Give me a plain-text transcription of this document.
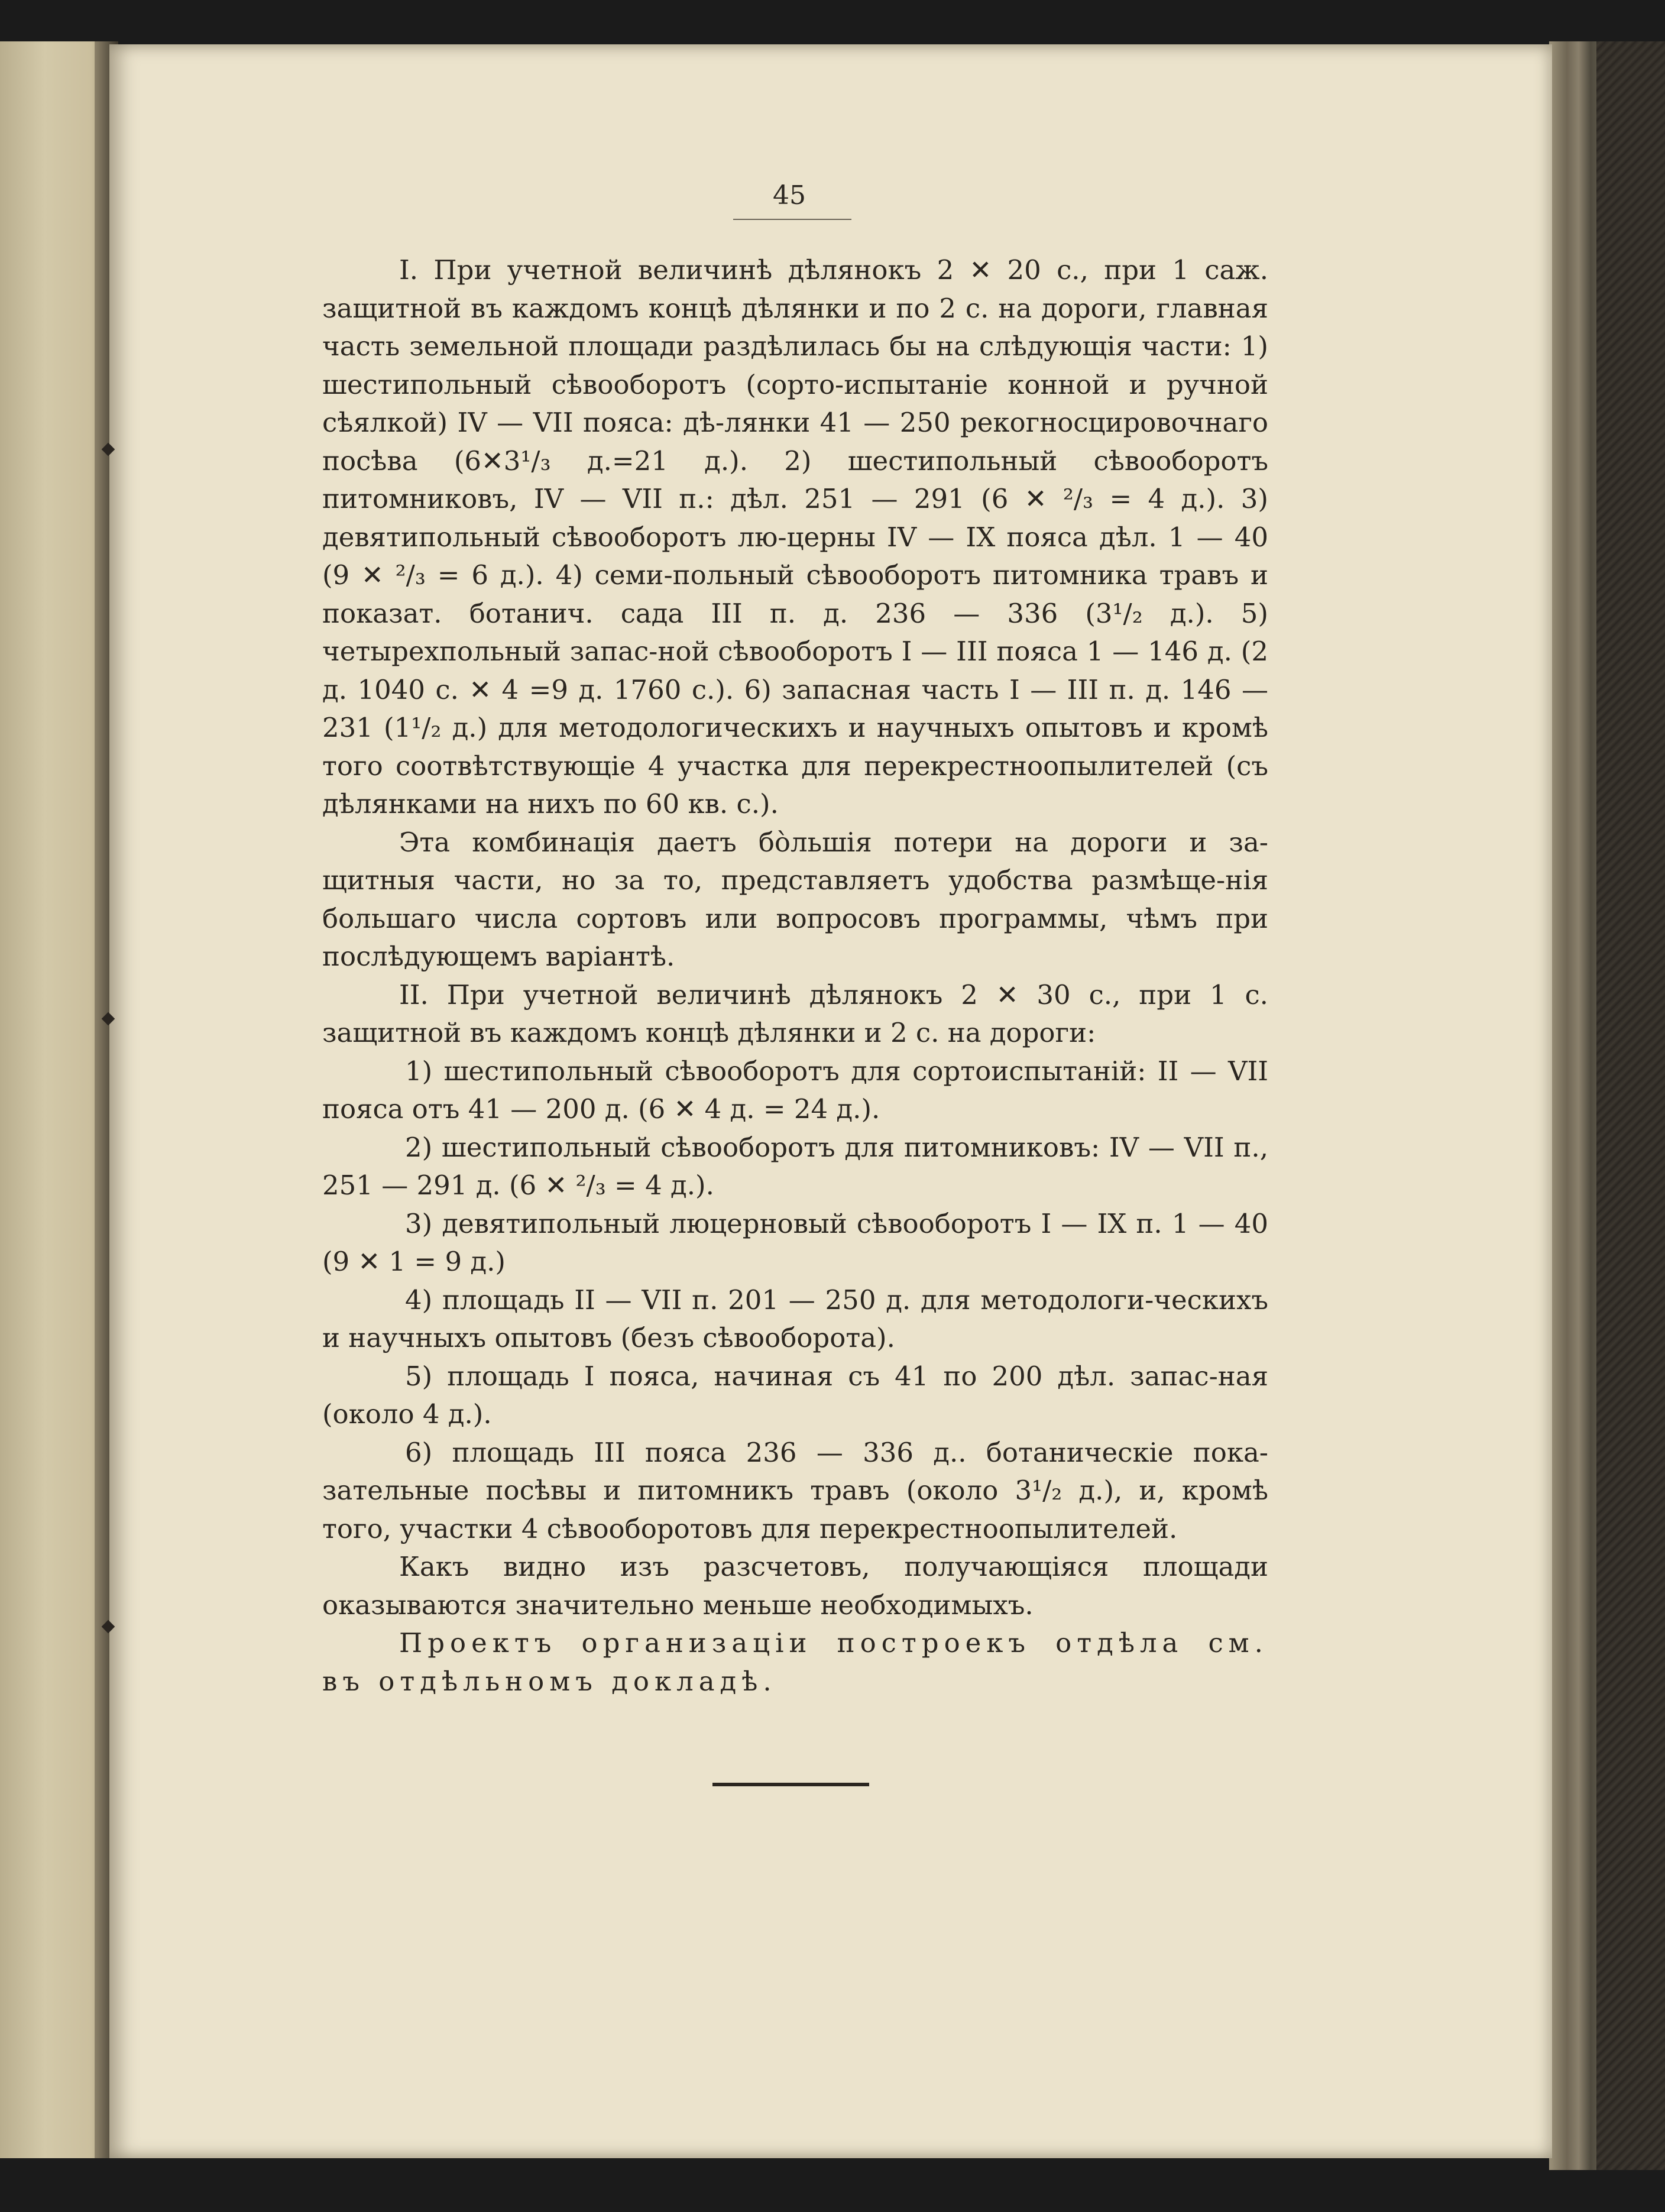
45

I. При учетной величинѣ дѣлянокъ 2 ✕ 20 с., при 1 саж. защитной въ каждомъ концѣ дѣлянки и по 2 с. на дороги, главная часть земельной площади раздѣлилась бы на слѣдующія части: 1) шестипольный сѣвооборотъ (сорто-испытаніе конной и ручной сѣялкой) IV — VII пояса: дѣ-лянки 41 — 250 рекогносцировочнаго посѣва (6✕3¹/₃ д.=21 д.). 2) шестипольный сѣвооборотъ питомниковъ, IV — VII п.: дѣл. 251 — 291 (6 ✕ ²/₃ = 4 д.). 3) девятипольный сѣвооборотъ лю-церны IV — IX пояса дѣл. 1 — 40 (9 ✕ ²/₃ = 6 д.). 4) семи-польный сѣвооборотъ питомника травъ и показат. ботанич. сада III п. д. 236 — 336 (3¹/₂ д.). 5) четырехпольный запас-ной сѣвооборотъ I — III пояса 1 — 146 д. (2 д. 1040 с. ✕ 4 =9 д. 1760 с.). 6) запасная часть I — III п. д. 146 — 231 (1¹/₂ д.) для методологическихъ и научныхъ опытовъ и кромѣ того соотвѣтствующіе 4 участка для перекрестноопылителей (съ дѣлянками на нихъ по 60 кв. с.).

Эта комбинація даетъ бо̀льшія потери на дороги и за-щитныя части, но за то, представляетъ удобства размѣще-нія большаго числа сортовъ или вопросовъ программы, чѣмъ при послѣдующемъ варіантѣ.

II. При учетной величинѣ дѣлянокъ 2 ✕ 30 с., при 1 с. защитной въ каждомъ концѣ дѣлянки и 2 с. на дороги:

1) шестипольный сѣвооборотъ для сортоиспытаній: II — VII пояса отъ 41 — 200 д. (6 ✕ 4 д. = 24 д.).

2) шестипольный сѣвооборотъ для питомниковъ: IV — VII п., 251 — 291 д. (6 ✕ ²/₃ = 4 д.).

3) девятипольный люцерновый сѣвооборотъ I — IX п. 1 — 40 (9 ✕ 1 = 9 д.)

4) площадь II — VII п. 201 — 250 д. для методологи-ческихъ и научныхъ опытовъ (безъ сѣвооборота).

5) площадь I пояса, начиная съ 41 по 200 дѣл. запас-ная (около 4 д.).

6) площадь III пояса 236 — 336 д.. ботаническіе пока-зательные посѣвы и питомникъ травъ (около 3¹/₂ д.), и, кромѣ того, участки 4 сѣвооборотовъ для перекрестноопылителей.

Какъ видно изъ разсчетовъ, получающіяся площади оказываются значительно меньше необходимыхъ.

Проектъ организаціи построекъ отдѣла см. въ отдѣльномъ докладѣ.
